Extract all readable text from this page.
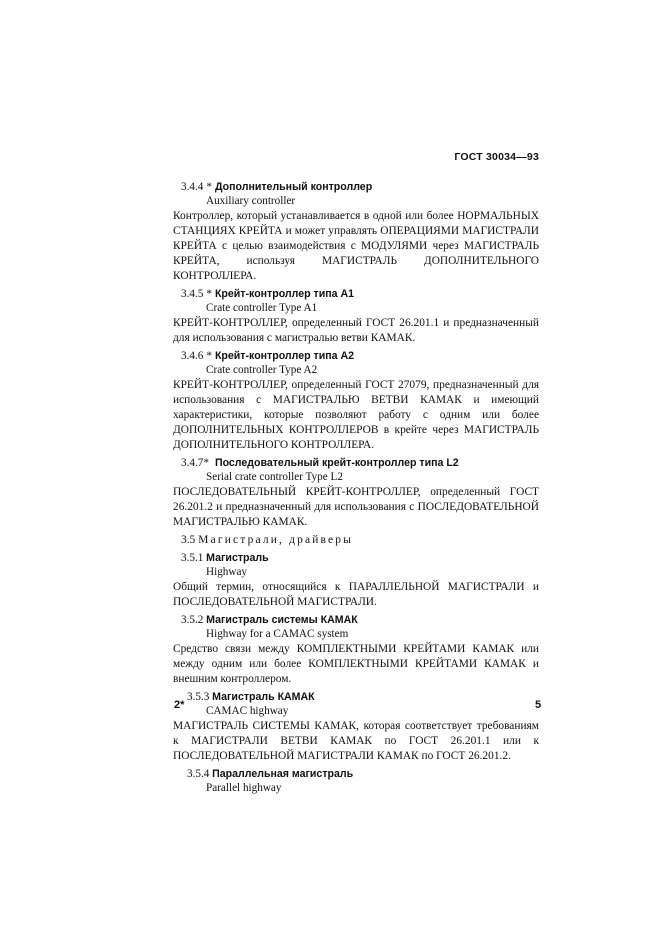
ГОСТ 30034—93

3.4.4 * Дополнительный контроллер

Auxiliary controller

Контроллер, который устанавливается в одной или более НОРМАЛЬНЫХ СТАНЦИЯХ КРЕЙТА и может управлять ОПЕРАЦИЯМИ МАГИСТРАЛИ КРЕЙТА с целью взаимодействия с МОДУЛЯМИ через МАГИСТРАЛЬ КРЕЙТА, используя МАГИСТРАЛЬ ДОПОЛНИТЕЛЬНОГО КОНТРОЛЛЕРА.

3.4.5 * Крейт-контроллер типа А1

Crate controller Type A1

КРЕЙТ-КОНТРОЛЛЕР, определенный ГОСТ 26.201.1 и предназначенный для использования с магистралью ветви КАМАК.

3.4.6 * Крейт-контроллер типа А2

Crate controller Type A2

КРЕЙТ-КОНТРОЛЛЕР, определенный ГОСТ 27079, предназначенный для использования с МАГИСТРАЛЬЮ ВЕТВИ КАМАК и имеющий характеристики, которые позволяют работу с одним или более ДОПОЛНИТЕЛЬНЫХ КОНТРОЛЛЕРОВ в крейте через МАГИСТРАЛЬ ДОПОЛНИТЕЛЬНОГО КОНТРОЛЛЕРА.

3.4.7* Последовательный крейт-контроллер типа L2

Serial crate controller Type L2

ПОСЛЕДОВАТЕЛЬНЫЙ КРЕЙТ-КОНТРОЛЛЕР, определенный ГОСТ 26.201.2 и предназначенный для использования с ПОСЛЕДОВАТЕЛЬНОЙ МАГИСТРАЛЬЮ КАМАК.

3.5 Магистрали, драйверы

3.5.1 Магистраль

Highway

Общий термин, относящийся к ПАРАЛЛЕЛЬНОЙ МАГИСТРАЛИ и ПОСЛЕДОВАТЕЛЬНОЙ МАГИСТРАЛИ.

3.5.2 Магистраль системы КАМАК

Highway for a CAMAC system

Средство связи между КОМПЛЕКТНЫМИ КРЕЙТАМИ КАМАК или между одним или более КОМПЛЕКТНЫМИ КРЕЙТАМИ КАМАК и внешним контроллером.

3.5.3 Магистраль КАМАК

CAMAC highway

МАГИСТРАЛЬ СИСТЕМЫ КАМАК, которая соответствует требованиям к МАГИСТРАЛИ ВЕТВИ КАМАК по ГОСТ 26.201.1 или к ПОСЛЕДОВАТЕЛЬНОЙ МАГИСТРАЛИ КАМАК по ГОСТ 26.201.2.

3.5.4 Параллельная магистраль

Parallel highway

2*	5
